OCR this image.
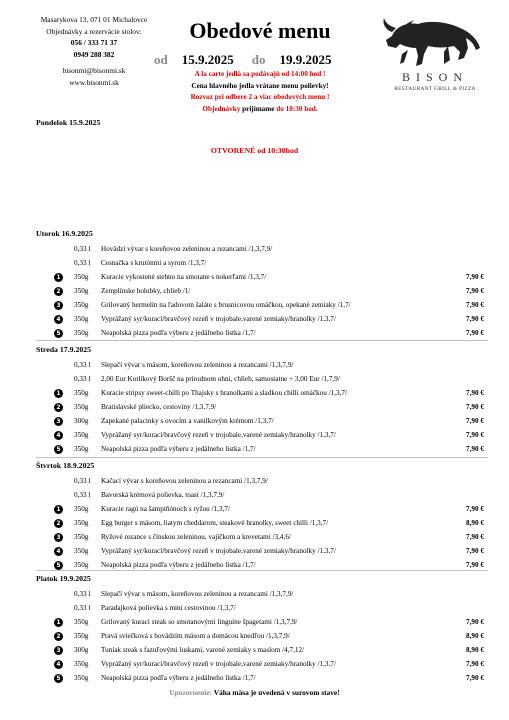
Masarykova 13, 071 01 Michalovce
Objednávky a rezervácie stolov:
056 / 333 71 37
0949 288 382
bisonmi@bisonmi.sk
www.bisonmi.sk
Obedové menu
od 15.9.2025 do 19.9.2025
A la carte jedlá sa podávajú od 14:00 hod !
Cena hlavného jedla vrátane menu polievky!
Rozvoz pri odbere 2 a viac obedových menu !
Objednávky prijímame do 10:30 hod.
BISON
RESTAURANT GRILL & PIZZA
Pondelok 15.9.2025
OTVORENÉ od 10:30hod
Utorok 16.9.2025
0,33 l Hovädzí vývar s koreňovou zeleninou a rezancami /1,3,7,9/
0,33 l Cesnačka s krutónmi a syrom /1,3,7/
1	350g Kuracie vykostené stehno na smotane s nokerľami /1,3,7/	7,90 €
2	350g Zemplínske holubky, chlieb /1/	7,90 €
3	350g Grilovaný hermelín na ľadovom šaláte s brusnicovou omáčkou, opekané zemiaky /1,7/	7,90 €
4	350g Vyprážaný syr/kurací/bravčový rezeň v trojobale,varené zemiaky/hranolky /1,3,7/	7,90 €
5	350g Neapolská pizza podľa výberu z jedálneho lístka /1,7/	7,90 €
Streda 17.9.2025
0,33 l Slepačí vývar s mäsom, koreňovou zeleninou a rezancami /1,3,7,9/
0,33 l 2,00 Eur Kotlíkový Boršč na prírodnom ohni, chlieb, samostatne + 3,00 Eur /1,7,9/
1	350g Kuracie stripsy sweet-chilli po Thajsky s hranolkami a sladkou chilli omáčkou /1,3,7/	7,90 €
2	350g Bratislavské pliecko, cestoviny /1,3,7,9/	7,90 €
3	300g Zapekané palacinky s ovocím a vanilkovým krémom /1,3,7/	7,90 €
4	350g Vyprážaný syr/kurací/bravčový rezeň v trojobale,varené zemiaky/hranolky /1,3,7/	7,90 €
5	350g Neapolská pizza podľa výberu z jedálneho lístka /1,7/	7,90 €
Štvrtok 18.9.2025
0,33 l Kačací vývar s koreňovou zeleninou a rezancami /1,3,7,9/
0,33 l Bavorská krémová polievka, toast /1,3,7,9/
1	350g Kuracie ragú na šampiňónoch s ryžou /1,3,7/	7,90 €
2	350g Egg burger s mäsom, liatym cheddarom, steakové hranolky, sweet chilli /1,3,7/	8,90 €
3	350g Ryžové rezance s čínskou zeleninou, vajíčkom a krevetami /3,4,6/	7,90 €
4	350g Vyprážaný syr/kurací/bravčový rezeň v trojobale,varené zemiaky/hranolky /1,3,7/	7,90 €
5	350g Neapolská pizza podľa výberu z jedálneho lístka /1,7/	7,90 €
Piatok 19.9.2025
0,33 l Slepačí vývar s mäsom, koreňovou zeleninou a rezancami /1,3,7,9/
0,33 l Paradajková polievka s mini cestovinou /1,3,7/
1	350g Grilovaný kurací steak so smotanovými linguine špagetami /1,3,7,9/	7,90 €
2	350g Pravá sviečková s hovädzím mäsom a domácou knedľou /1,3,7,9/	8,90 €
3	300g Tuniak steak s fazuľovými luskami, varené zemiaky s maslom /4,7,12/	8,90 €
4	350g Vyprážaný syr/kurací/bravčový rezeň v trojobale,varené zemiaky/hranolky /1,3,7/	7,90 €
5	350g Neapolská pizza podľa výberu z jedálneho lístka /1,7/	7,90 €
Upozornenie: Váha mäsa je uvedená v surovom stave!
